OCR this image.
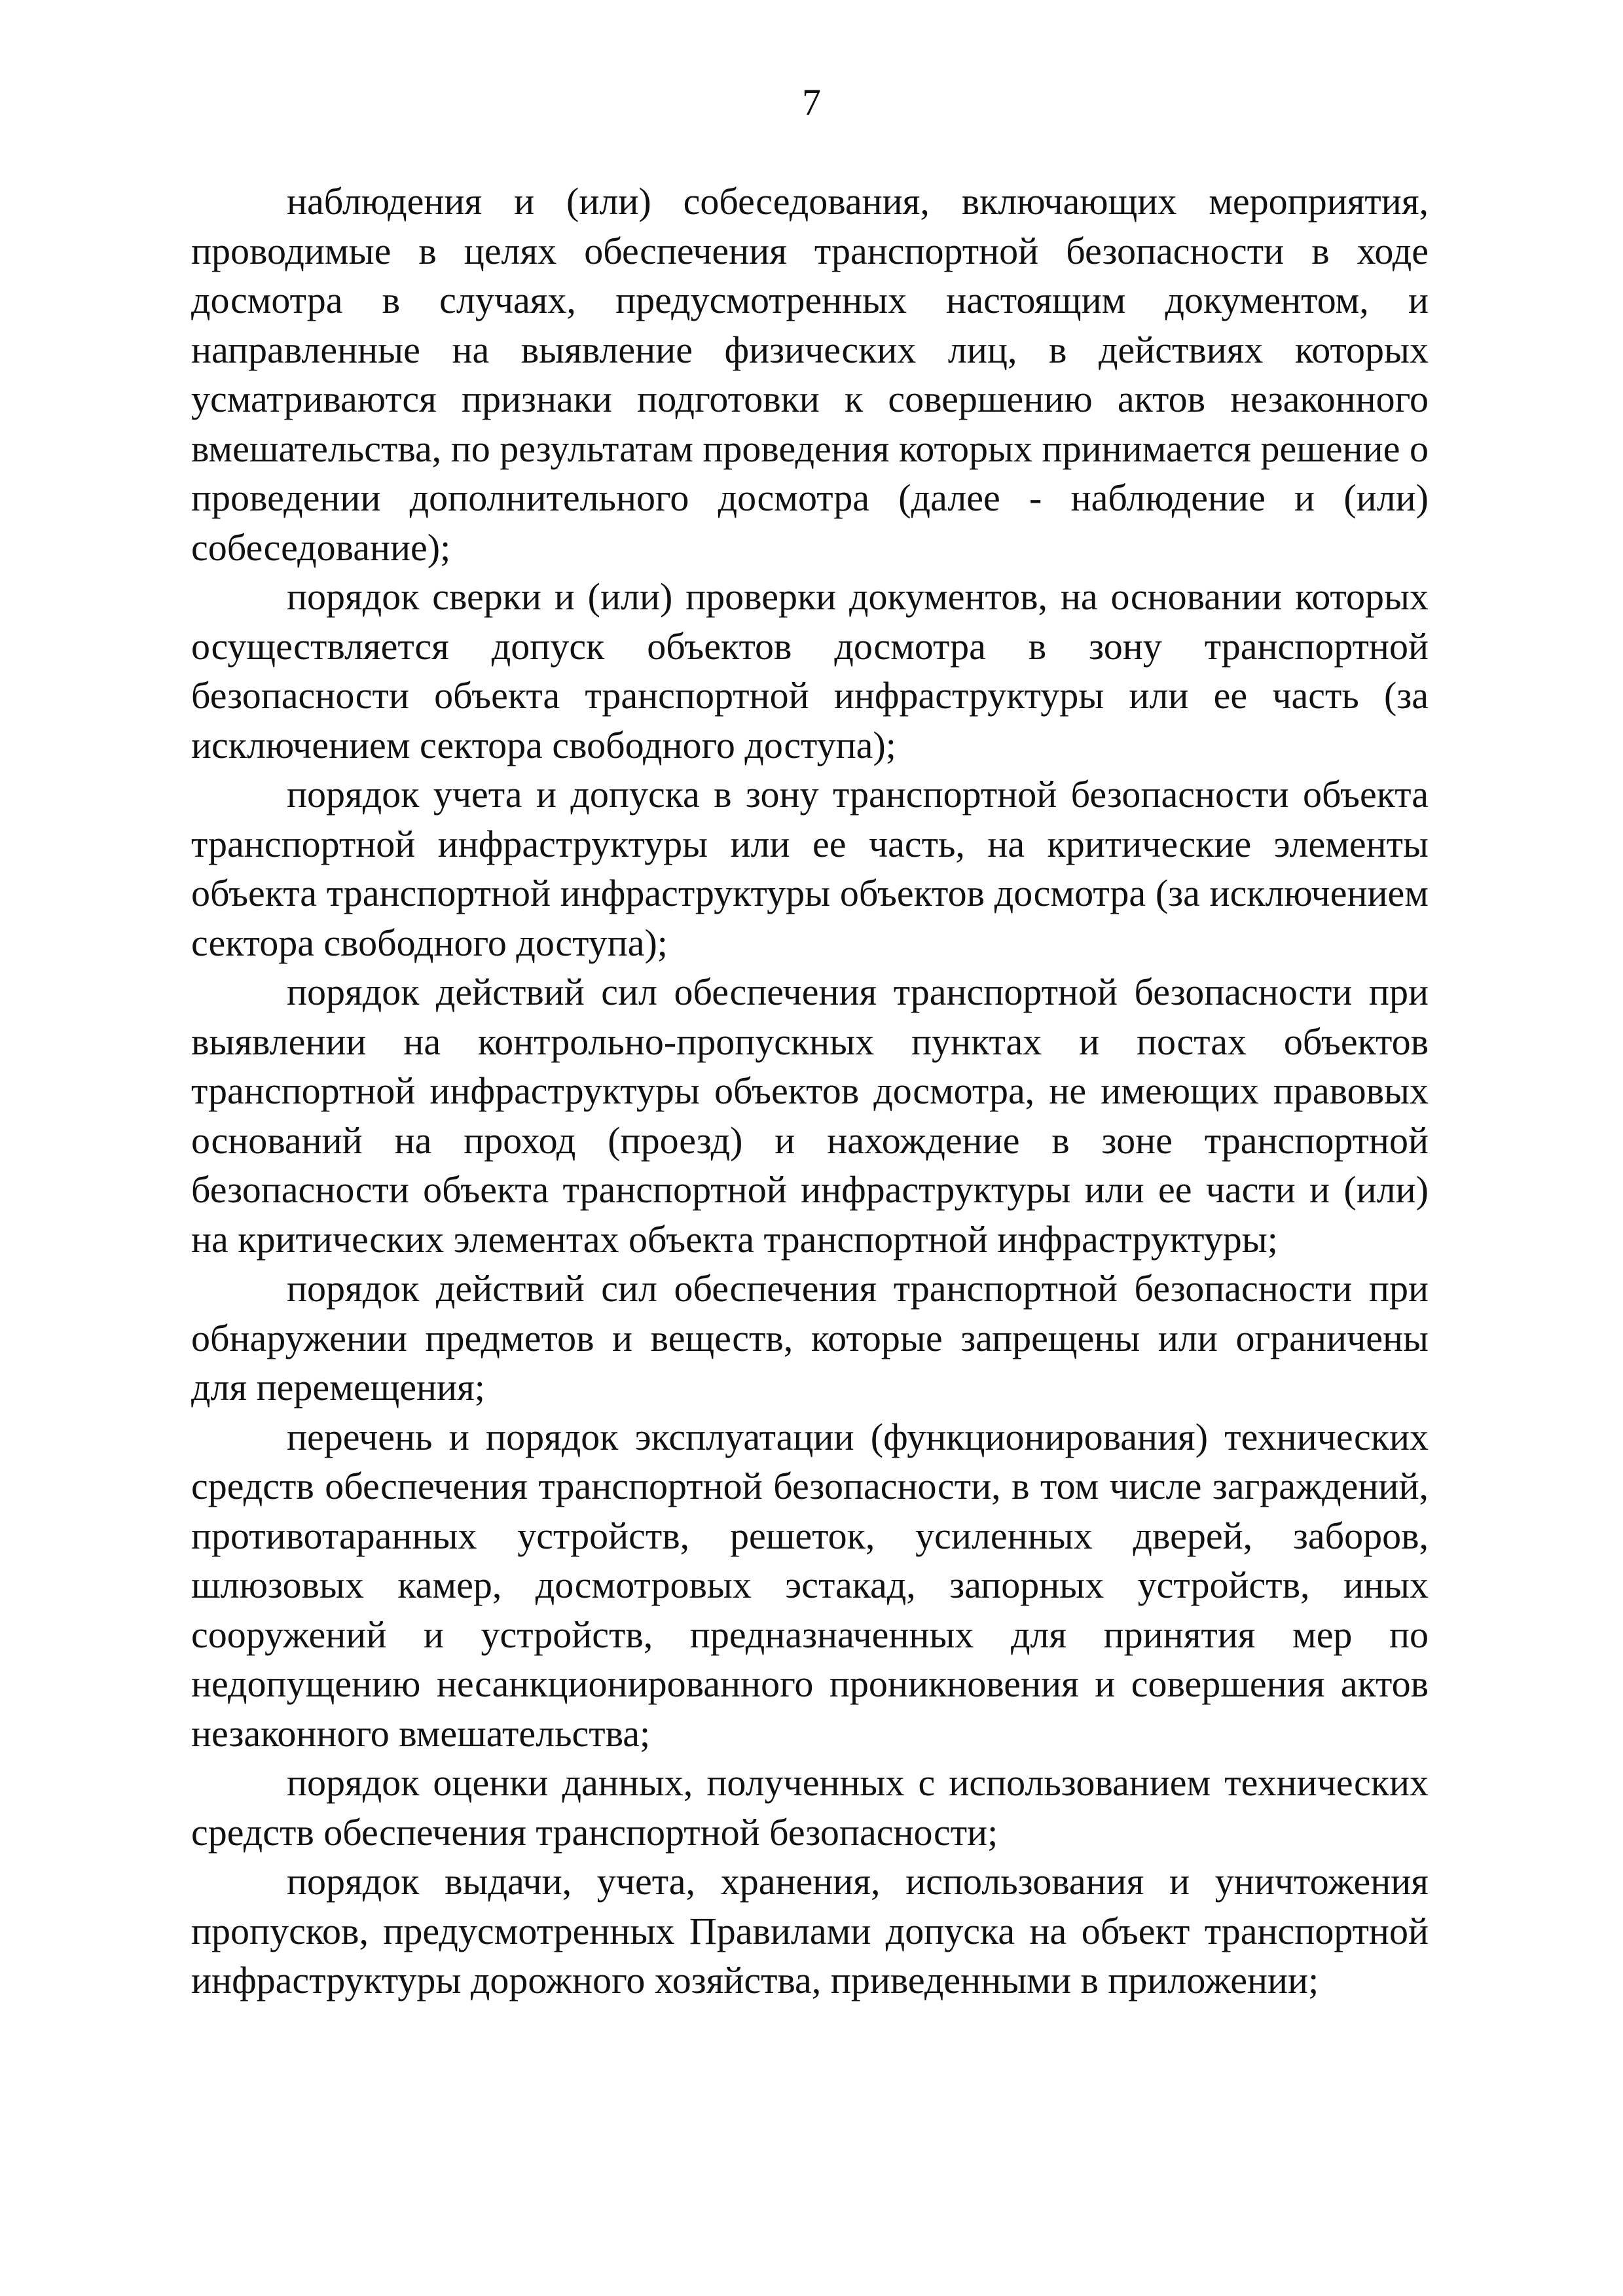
7

наблюдения и (или) собеседования, включающих мероприятия, проводимые в целях обеспечения транспортной безопасности в ходе досмотра в случаях, предусмотренных настоящим документом, и направленные на выявление физических лиц, в действиях которых усматриваются признаки подготовки к совершению актов незаконного вмешательства, по результатам проведения которых принимается решение о проведении дополнительного досмотра (далее - наблюдение и (или) собеседование);

порядок сверки и (или) проверки документов, на основании которых осуществляется допуск объектов досмотра в зону транспортной безопасности объекта транспортной инфраструктуры или ее часть (за исключением сектора свободного доступа);

порядок учета и допуска в зону транспортной безопасности объекта транспортной инфраструктуры или ее часть, на критические элементы объекта транспортной инфраструктуры объектов досмотра (за исключением сектора свободного доступа);

порядок действий сил обеспечения транспортной безопасности при выявлении на контрольно-пропускных пунктах и постах объектов транспортной инфраструктуры объектов досмотра, не имеющих правовых оснований на проход (проезд) и нахождение в зоне транспортной безопасности объекта транспортной инфраструктуры или ее части и (или) на критических элементах объекта транспортной инфраструктуры;

порядок действий сил обеспечения транспортной безопасности при обнаружении предметов и веществ, которые запрещены или ограничены для перемещения;

перечень и порядок эксплуатации (функционирования) технических средств обеспечения транспортной безопасности, в том числе заграждений, противотаранных устройств, решеток, усиленных дверей, заборов, шлюзовых камер, досмотровых эстакад, запорных устройств, иных сооружений и устройств, предназначенных для принятия мер по недопущению несанкционированного проникновения и совершения актов незаконного вмешательства;

порядок оценки данных, полученных с использованием технических средств обеспечения транспортной безопасности;

порядок выдачи, учета, хранения, использования и уничтожения пропусков, предусмотренных Правилами допуска на объект транспортной инфраструктуры дорожного хозяйства, приведенными в приложении;
